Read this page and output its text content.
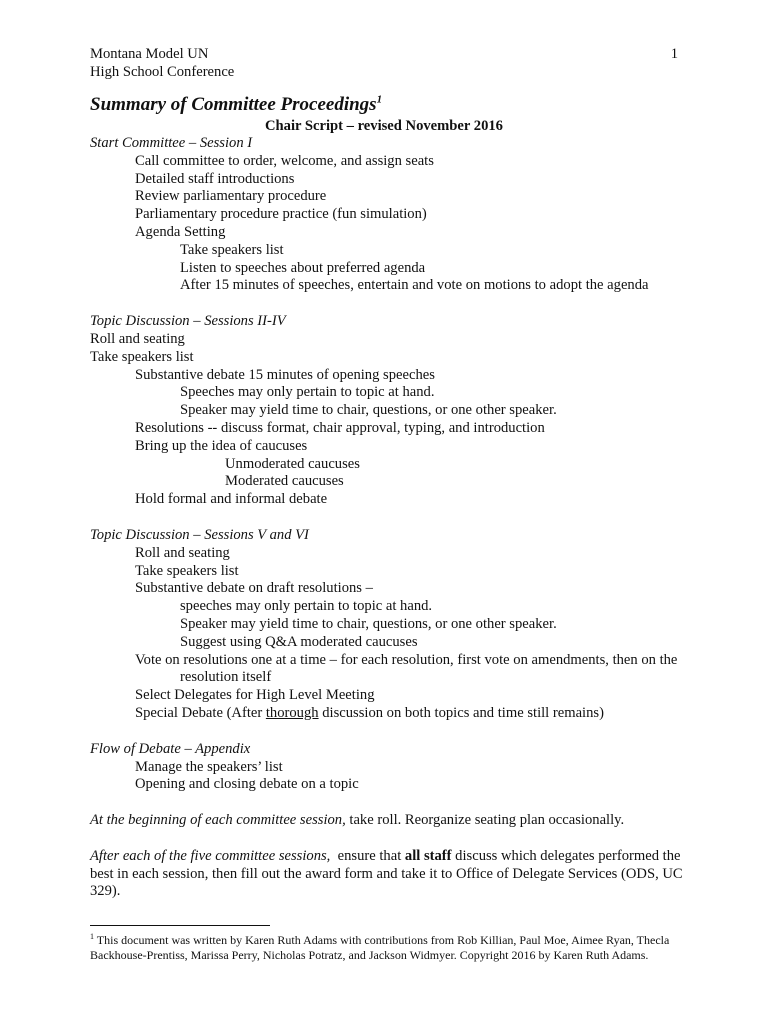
Montana Model UN
High School Conference
1
Summary of Committee Proceedings$^1$
Chair Script – revised November 2016
Start Committee – Session I
Call committee to order, welcome, and assign seats
Detailed staff introductions
Review parliamentary procedure
Parliamentary procedure practice (fun simulation)
Agenda Setting
Take speakers list
Listen to speeches about preferred agenda
After 15 minutes of speeches, entertain and vote on motions to adopt the agenda
Topic Discussion – Sessions II-IV
Roll and seating
Take speakers list
Substantive debate 15 minutes of opening speeches
Speeches may only pertain to topic at hand.
Speaker may yield time to chair, questions, or one other speaker.
Resolutions -- discuss format, chair approval, typing, and introduction
Bring up the idea of caucuses
Unmoderated caucuses
Moderated caucuses
Hold formal and informal debate
Topic Discussion – Sessions V and VI
Roll and seating
Take speakers list
Substantive debate on draft resolutions –
speeches may only pertain to topic at hand.
Speaker may yield time to chair, questions, or one other speaker.
Suggest using Q&A moderated caucuses
Vote on resolutions one at a time – for each resolution, first vote on amendments, then on the resolution itself
Select Delegates for High Level Meeting
Special Debate (After thorough discussion on both topics and time still remains)
Flow of Debate – Appendix
Manage the speakers’ list
Opening and closing debate on a topic
At the beginning of each committee session, take roll. Reorganize seating plan occasionally.
After each of the five committee sessions,  ensure that all staff discuss which delegates performed the best in each session, then fill out the award form and take it to Office of Delegate Services (ODS, UC 329).
$^1$ This document was written by Karen Ruth Adams with contributions from Rob Killian, Paul Moe, Aimee Ryan, Thecla Backhouse-Prentiss, Marissa Perry, Nicholas Potratz, and Jackson Widmyer. Copyright 2016 by Karen Ruth Adams.
